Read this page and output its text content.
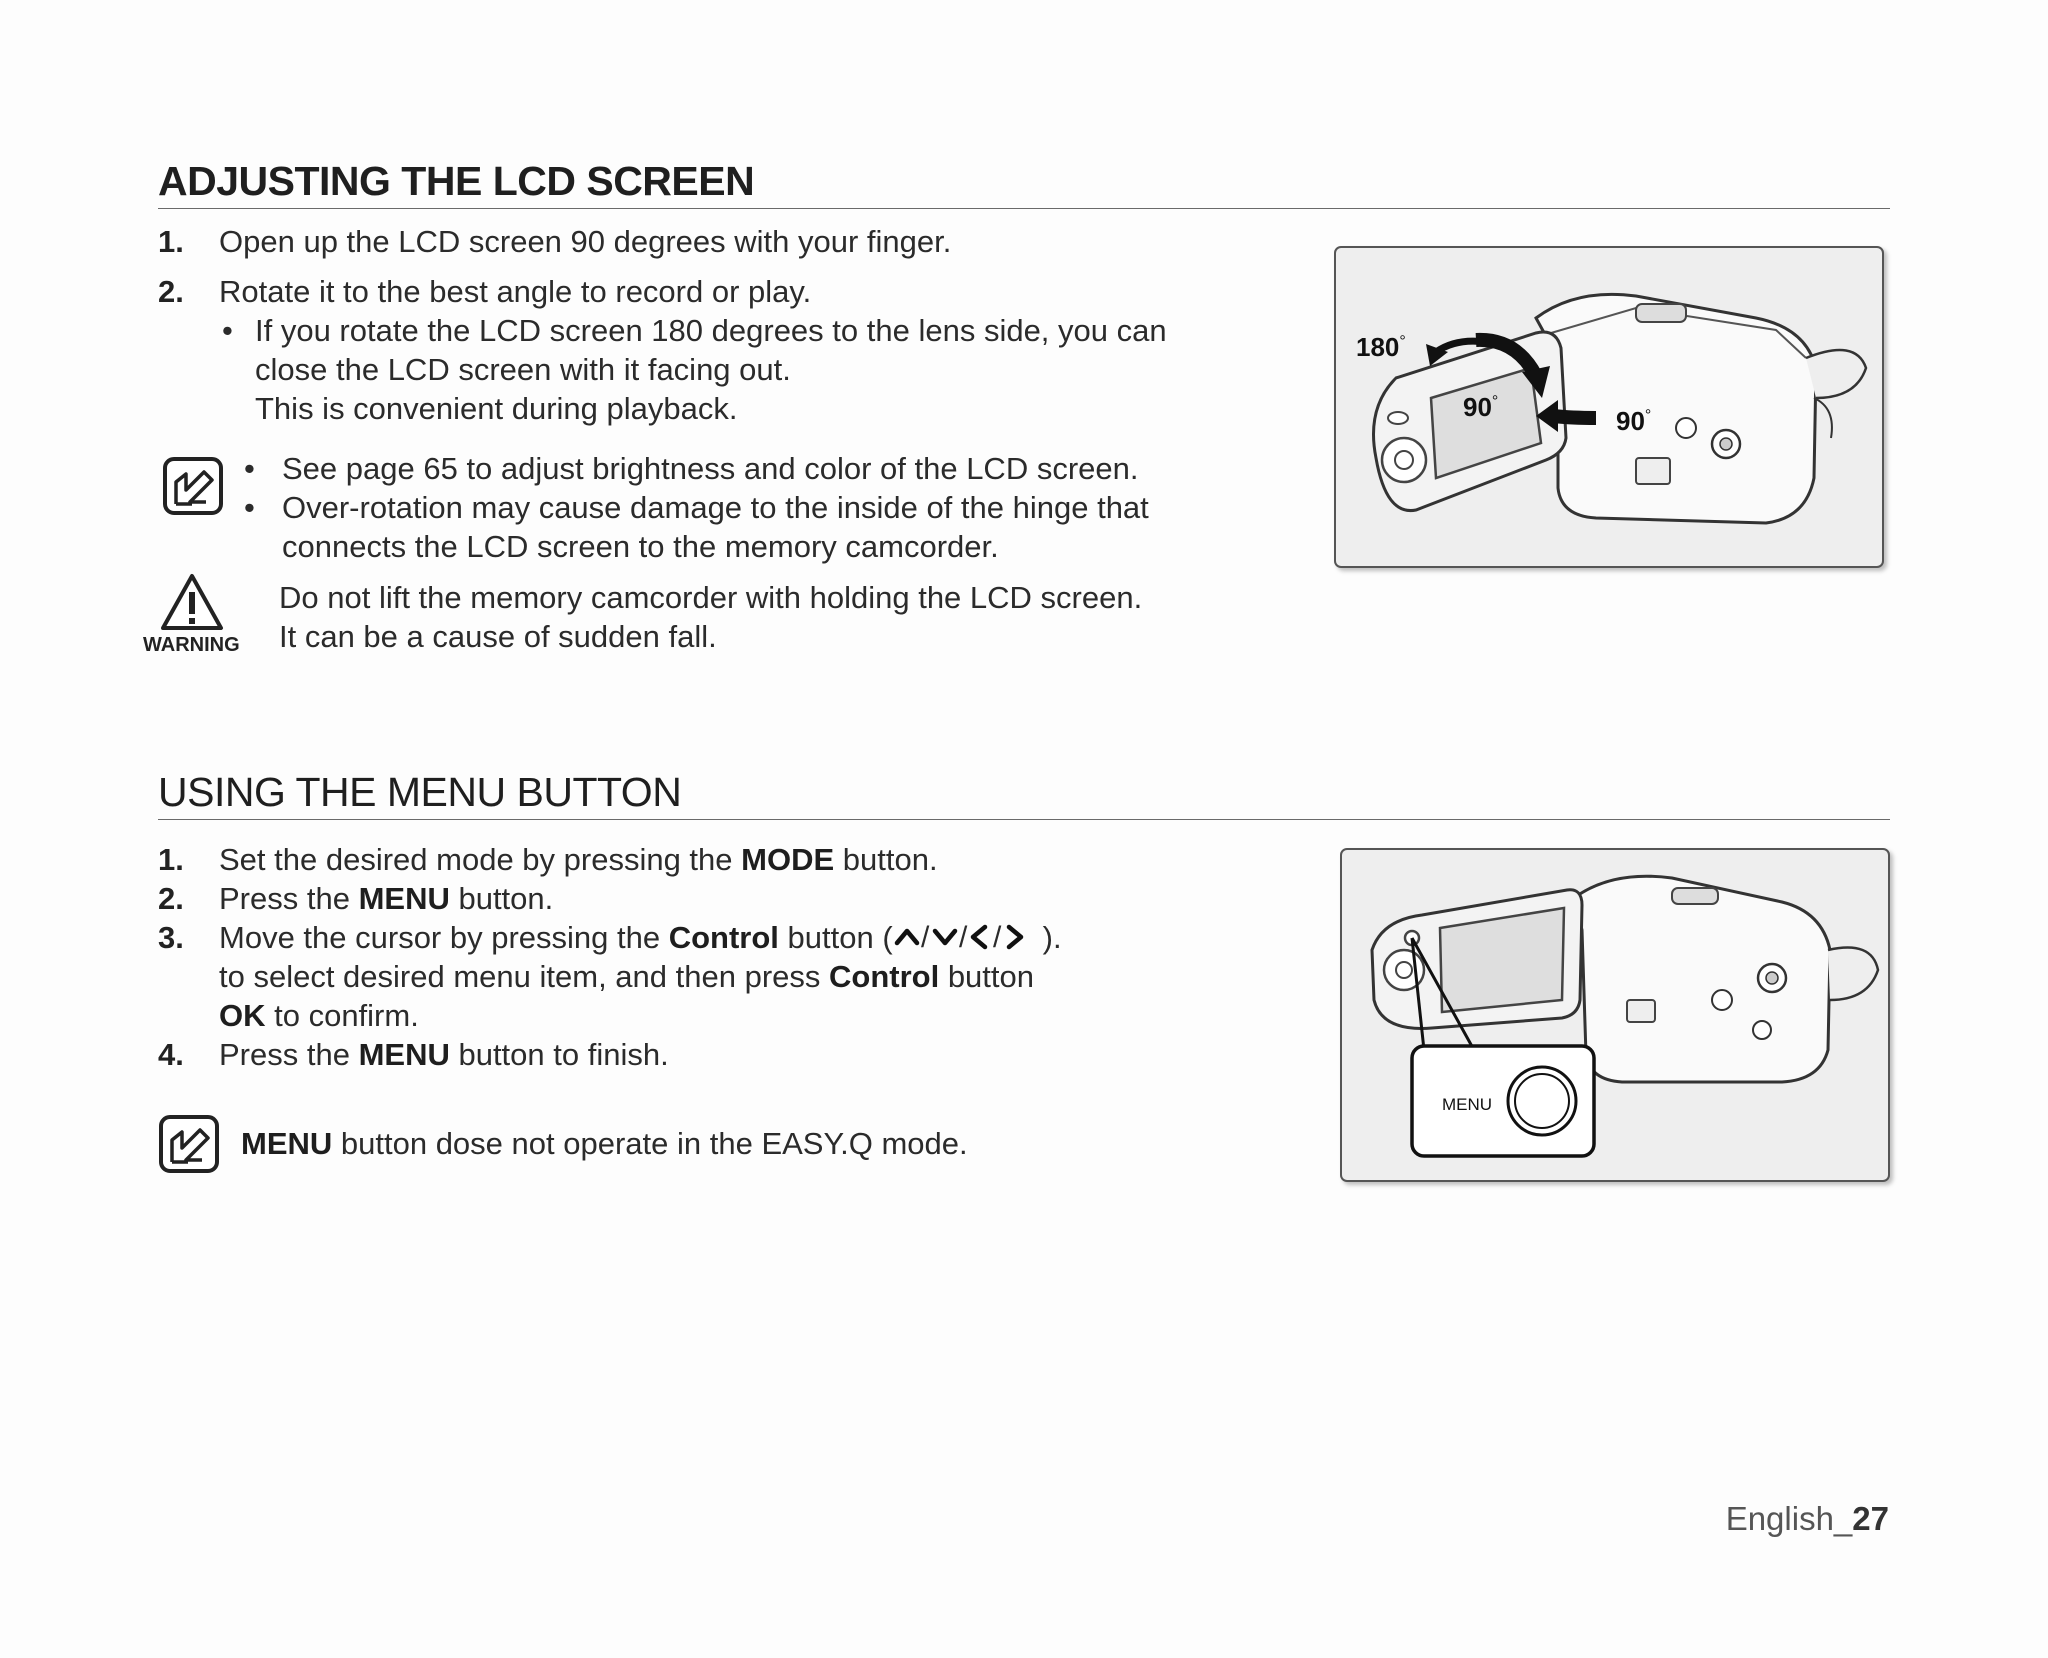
ADJUSTING THE LCD SCREEN
1. Open up the LCD screen 90 degrees with your finger.
2. Rotate it to the best angle to record or play.
• If you rotate the LCD screen 180 degrees to the lens side, you can
close the LCD screen with it facing out.
This is convenient during playback.
• See page 65 to adjust brightness and color of the LCD screen.
• Over-rotation may cause damage to the inside of the hinge that
connects the LCD screen to the memory camcorder.
WARNING
Do not lift the memory camcorder with holding the LCD screen.
It can be a cause of sudden fall.
180°
90°
90°
USING THE MENU BUTTON
1. Set the desired mode by pressing the MODE button.
2. Press the MENU button.
3. Move the cursor by pressing the Control button ( / / / ).
to select desired menu item, and then press Control button
OK to confirm.
4. Press the MENU button to finish.
MENU button dose not operate in the EASY.Q mode.
MENU
English_27
